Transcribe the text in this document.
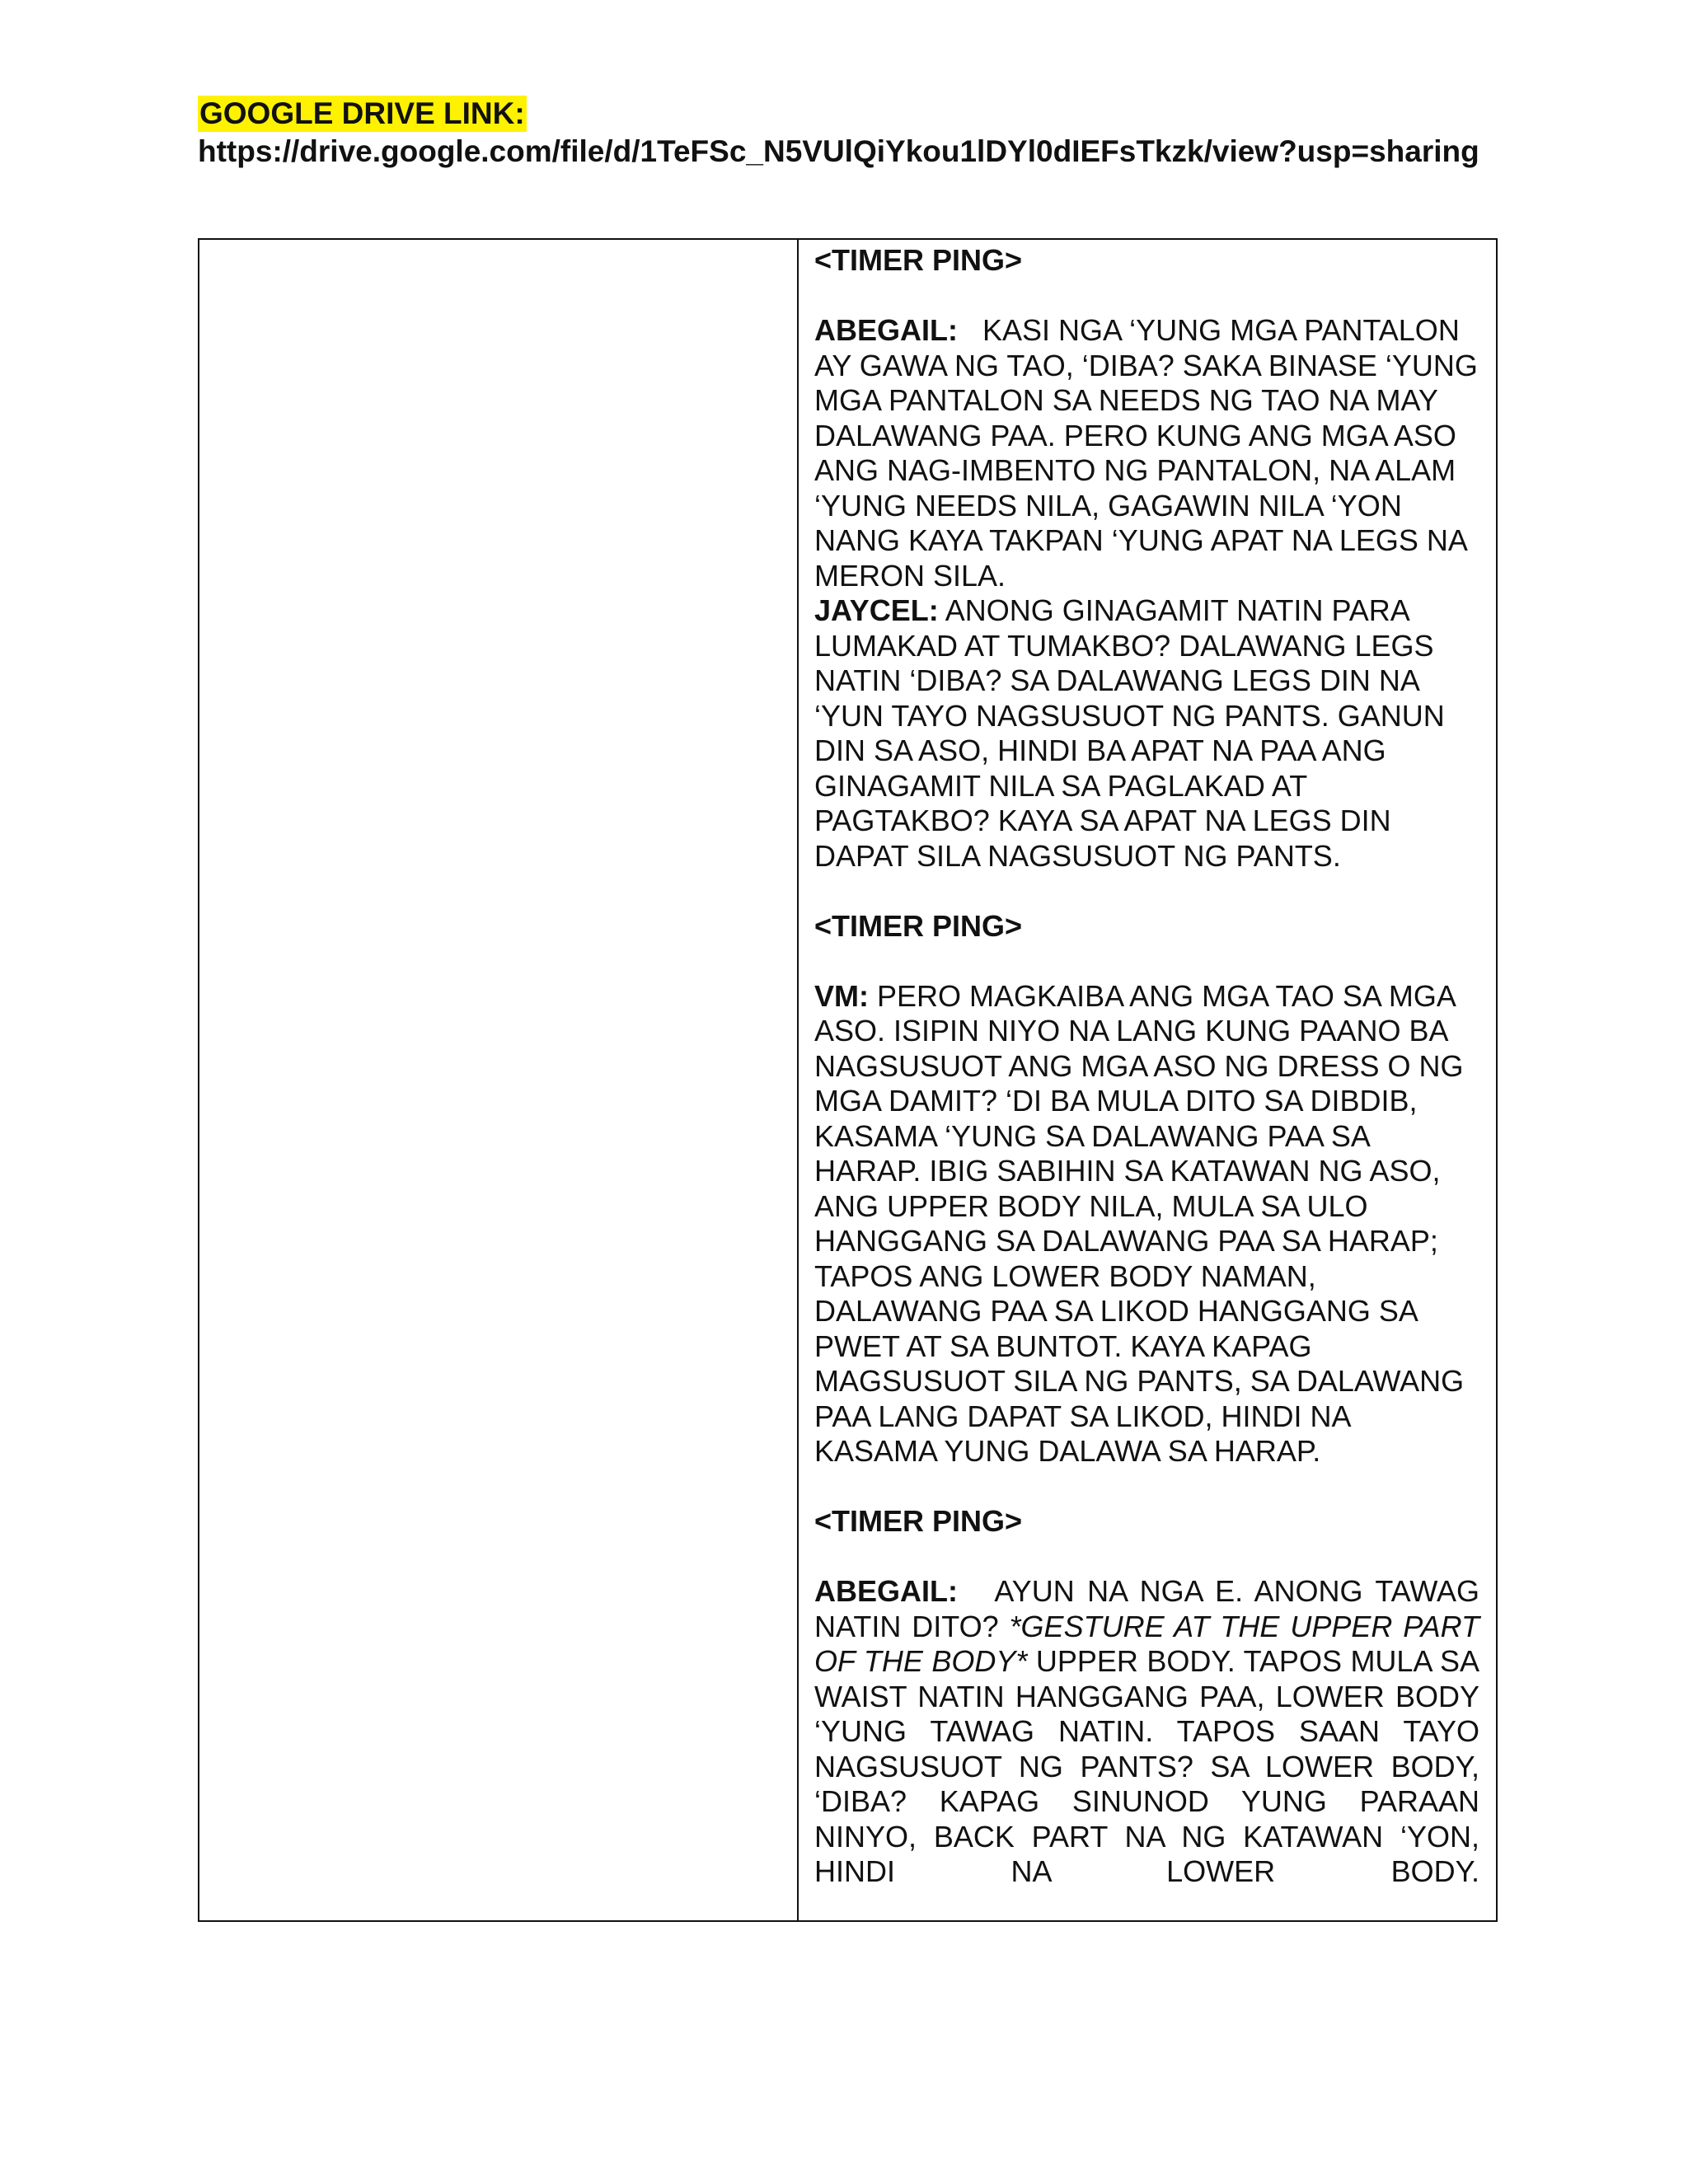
GOOGLE DRIVE LINK:
https://drive.google.com/file/d/1TeFSc_N5VUlQiYkou1lDYl0dIEFsTkzk/view?usp=sharing
<TIMER PING>
ABEGAIL: KASI NGA ‘YUNG MGA PANTALON AY GAWA NG TAO, ‘DIBA? SAKA BINASE ‘YUNG MGA PANTALON SA NEEDS NG TAO NA MAY DALAWANG PAA. PERO KUNG ANG MGA ASO ANG NAG-IMBENTO NG PANTALON, NA ALAM ‘YUNG NEEDS NILA, GAGAWIN NILA ‘YON NANG KAYA TAKPAN ‘YUNG APAT NA LEGS NA MERON SILA.
JAYCEL: ANONG GINAGAMIT NATIN PARA LUMAKAD AT TUMAKBO? DALAWANG LEGS NATIN ‘DIBA? SA DALAWANG LEGS DIN NA ‘YUN TAYO NAGSUSUOT NG PANTS. GANUN DIN SA ASO, HINDI BA APAT NA PAA ANG GINAGAMIT NILA SA PAGLAKAD AT PAGTAKBO? KAYA SA APAT NA LEGS DIN DAPAT SILA NAGSUSUOT NG PANTS.
<TIMER PING>
VM: PERO MAGKAIBA ANG MGA TAO SA MGA ASO. ISIPIN NIYO NA LANG KUNG PAANO BA NAGSUSUOT ANG MGA ASO NG DRESS O NG MGA DAMIT? ‘DI BA MULA DITO SA DIBDIB, KASAMA ‘YUNG SA DALAWANG PAA SA HARAP. IBIG SABIHIN SA KATAWAN NG ASO, ANG UPPER BODY NILA, MULA SA ULO HANGGANG SA DALAWANG PAA SA HARAP; TAPOS ANG LOWER BODY NAMAN, DALAWANG PAA SA LIKOD HANGGANG SA PWET AT SA BUNTOT. KAYA KAPAG MAGSUSUOT SILA NG PANTS, SA DALAWANG PAA LANG DAPAT SA LIKOD, HINDI NA KASAMA YUNG DALAWA SA HARAP.
<TIMER PING>
ABEGAIL: AYUN NA NGA E. ANONG TAWAG NATIN DITO? *GESTURE AT THE UPPER PART OF THE BODY* UPPER BODY. TAPOS MULA SA WAIST NATIN HANGGANG PAA, LOWER BODY ‘YUNG TAWAG NATIN. TAPOS SAAN TAYO NAGSUSUOT NG PANTS? SA LOWER BODY, ‘DIBA? KAPAG SINUNOD YUNG PARAAN NINYO, BACK PART NA NG KATAWAN ‘YON, HINDI NA LOWER BODY.
